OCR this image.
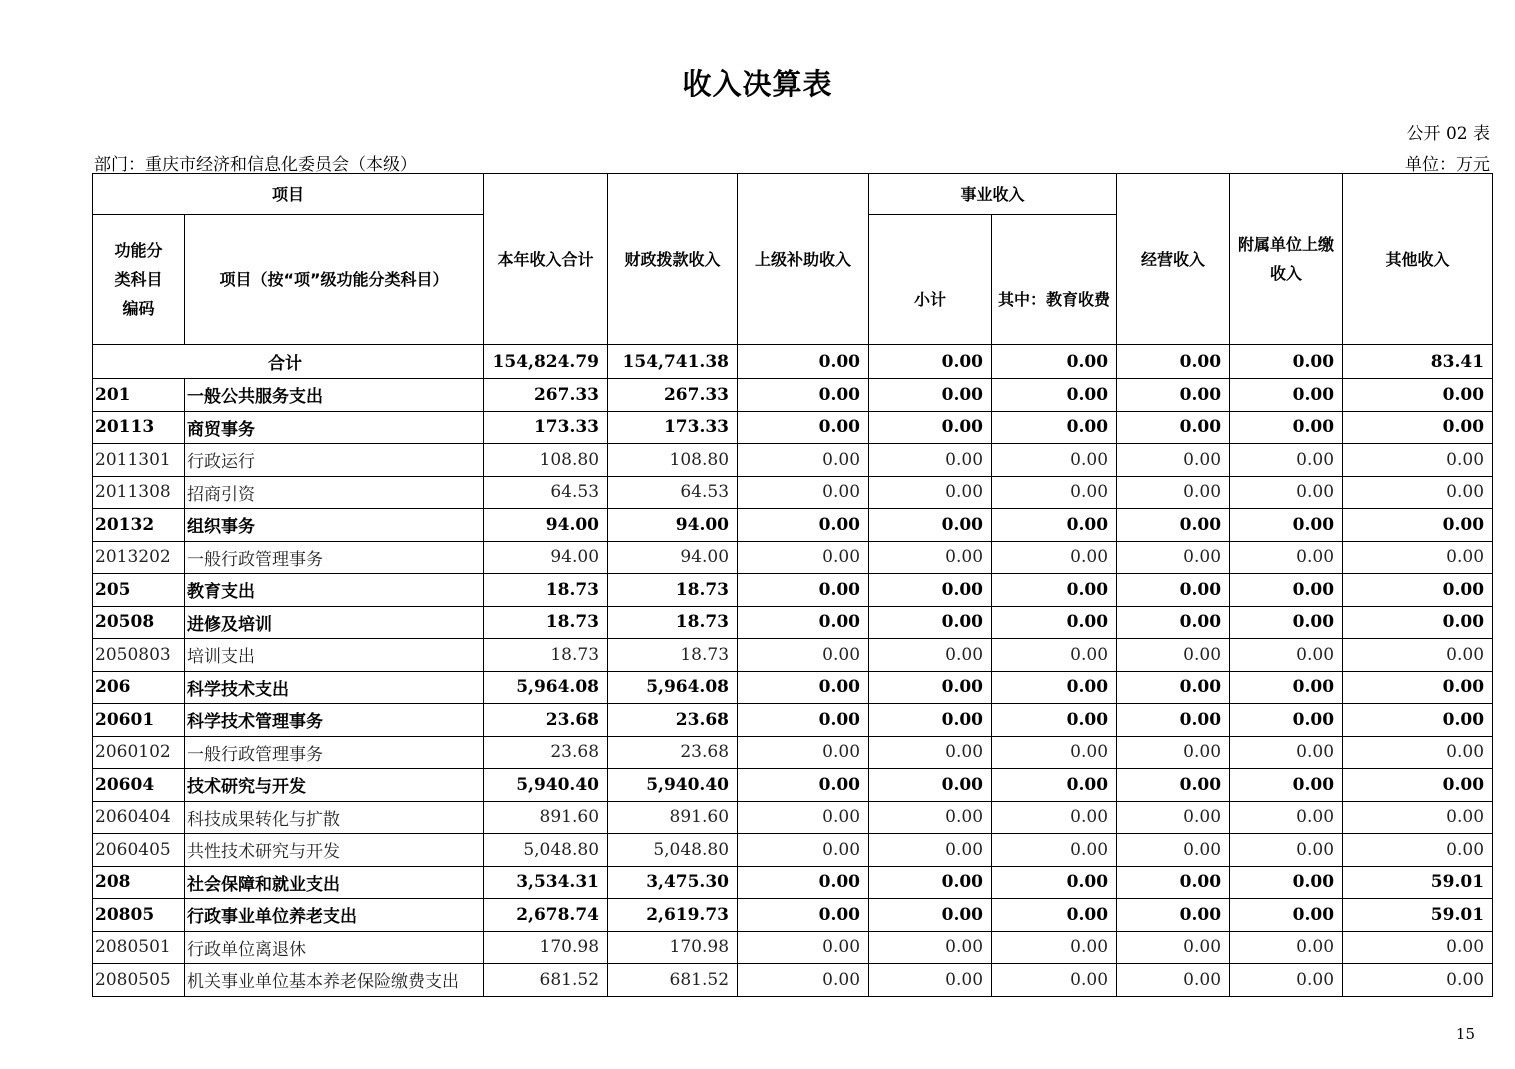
收入决算表
公开 02 表
部门：重庆市经济和信息化委员会（本级）	单位：万元
项目		本年收入合计	财政拨款收入	上级补助收入	事业收入		经营收入	附属单位上缴收入	其他收入
功能分类科目编码	项目（按“项”级功能分类科目）				小计	其中：教育收费			
合计		154,824.79	154,741.38	0.00	0.00	0.00	0.00	0.00	83.41
201	一般公共服务支出	267.33	267.33	0.00	0.00	0.00	0.00	0.00	0.00
20113	商贸事务	173.33	173.33	0.00	0.00	0.00	0.00	0.00	0.00
2011301	行政运行	108.80	108.80	0.00	0.00	0.00	0.00	0.00	0.00
2011308	招商引资	64.53	64.53	0.00	0.00	0.00	0.00	0.00	0.00
20132	组织事务	94.00	94.00	0.00	0.00	0.00	0.00	0.00	0.00
2013202	一般行政管理事务	94.00	94.00	0.00	0.00	0.00	0.00	0.00	0.00
205	教育支出	18.73	18.73	0.00	0.00	0.00	0.00	0.00	0.00
20508	进修及培训	18.73	18.73	0.00	0.00	0.00	0.00	0.00	0.00
2050803	培训支出	18.73	18.73	0.00	0.00	0.00	0.00	0.00	0.00
206	科学技术支出	5,964.08	5,964.08	0.00	0.00	0.00	0.00	0.00	0.00
20601	科学技术管理事务	23.68	23.68	0.00	0.00	0.00	0.00	0.00	0.00
2060102	一般行政管理事务	23.68	23.68	0.00	0.00	0.00	0.00	0.00	0.00
20604	技术研究与开发	5,940.40	5,940.40	0.00	0.00	0.00	0.00	0.00	0.00
2060404	科技成果转化与扩散	891.60	891.60	0.00	0.00	0.00	0.00	0.00	0.00
2060405	共性技术研究与开发	5,048.80	5,048.80	0.00	0.00	0.00	0.00	0.00	0.00
208	社会保障和就业支出	3,534.31	3,475.30	0.00	0.00	0.00	0.00	0.00	59.01
20805	行政事业单位养老支出	2,678.74	2,619.73	0.00	0.00	0.00	0.00	0.00	59.01
2080501	行政单位离退休	170.98	170.98	0.00	0.00	0.00	0.00	0.00	0.00
2080505	机关事业单位基本养老保险缴费支出	681.52	681.52	0.00	0.00	0.00	0.00	0.00	0.00
15
